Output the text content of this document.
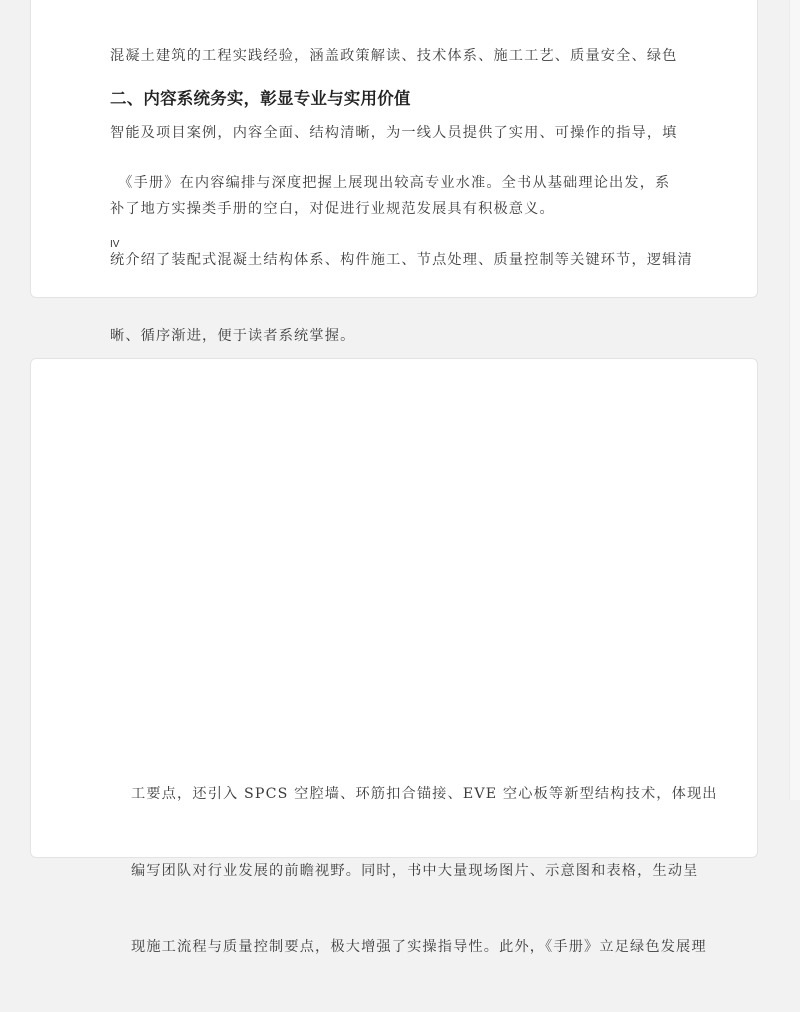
混凝土建筑的工程实践经验，涵盖政策解读、技术体系、施工工艺、质量安全、绿色

智能及项目案例，内容全面、结构清晰，为一线人员提供了实用、可操作的指导，填

补了地方实操类手册的空白，对促进行业规范发展具有积极意义。

二、内容系统务实，彰显专业与实用价值

　《手册》在内容编排与深度把握上展现出较高专业水准。全书从基础理论出发，系

统介绍了装配式混凝土结构体系、构件施工、节点处理、质量控制等关键环节，逻辑清

晰、循序渐进，便于读者系统掌握。

IV

工要点，还引入 SPCS 空腔墙、环筋扣合锚接、EVE 空心板等新型结构技术，体现出

编写团队对行业发展的前瞻视野。同时，书中大量现场图片、示意图和表格，生动呈

现施工流程与质量控制要点，极大增强了实操指导性。此外，《手册》立足绿色发展理
